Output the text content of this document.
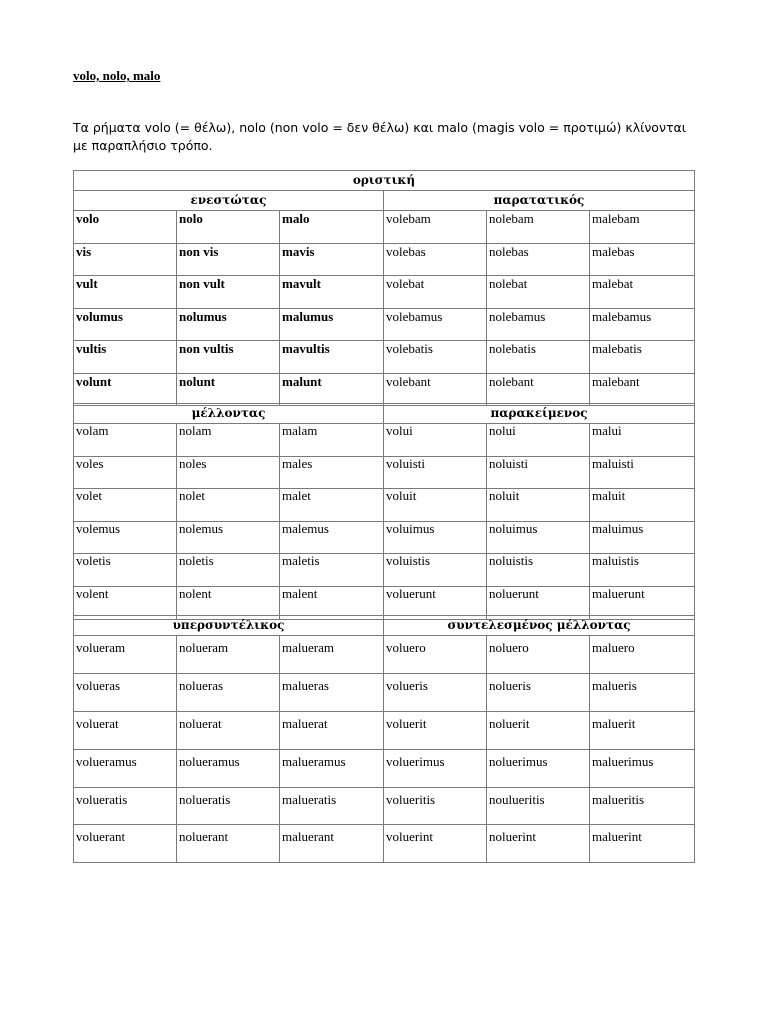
volo, nolo, malo
Τα ρήματα volo (= θέλω), nolo (non volo = δεν θέλω) και malo (magis volo = προτιμώ) κλίνονται με παραπλήσιο τρόπο.
οριστική					
ενεστώτας			παρατατικός		
volo	nolo	malo	volebam	nolebam	malebam
vis	non vis	mavis	volebas	nolebas	malebas
vult	non vult	mavult	volebat	nolebat	malebat
volumus	nolumus	malumus	volebamus	nolebamus	malebamus
vultis	non vultis	mavultis	volebatis	nolebatis	malebatis
volunt	nolunt	malunt	volebant	nolebant	malebant
μέλλοντας			παρακείμενος		
volam	nolam	malam	volui	nolui	malui
voles	noles	males	voluisti	noluisti	maluisti
volet	nolet	malet	voluit	noluit	maluit
volemus	nolemus	malemus	voluimus	noluimus	maluimus
voletis	noletis	maletis	voluistis	noluistis	maluistis
volent	nolent	malent	voluerunt	noluerunt	maluerunt
υπερσυντέλικος			συντελεσμένος μέλλοντας		
volueram	nolueram	malueram	voluero	noluero	maluero
volueras	nolueras	malueras	volueris	nolueris	malueris
voluerat	noluerat	maluerat	voluerit	noluerit	maluerit
volueramus	nolueramus	malueramus	voluerimus	noluerimus	maluerimus
volueratis	nolueratis	malueratis	volueritis	noulueritis	malueritis
voluerant	noluerant	maluerant	voluerint	noluerint	maluerint
